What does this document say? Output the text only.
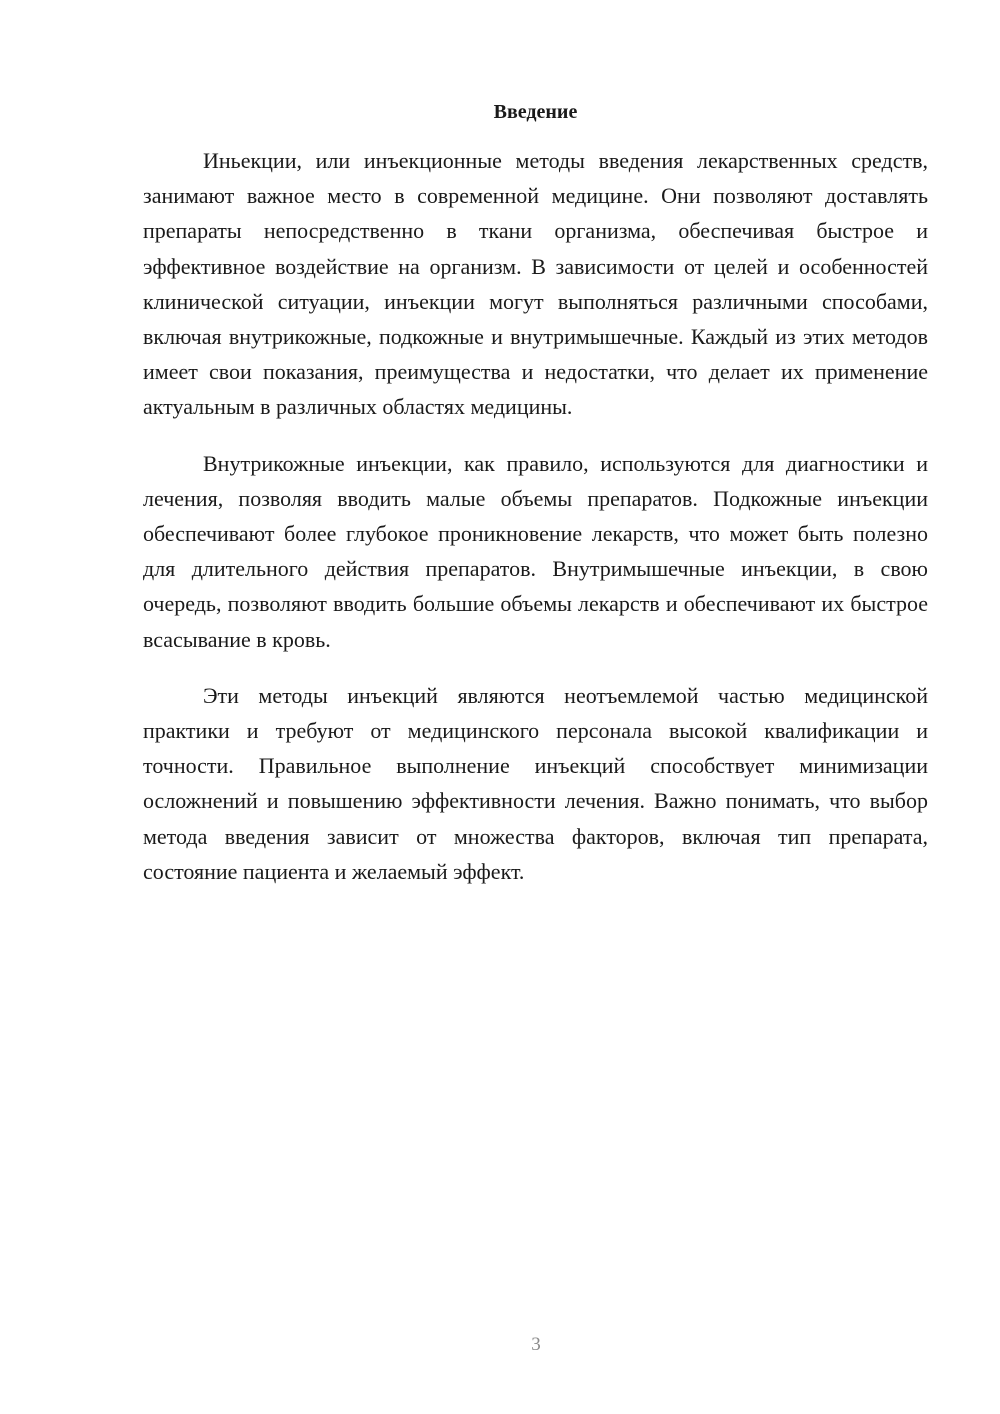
Введение

Иньекции, или инъекционные методы введения лекарственных средств, занимают важное место в современной медицине. Они позволяют доставлять препараты непосредственно в ткани организма, обеспечивая быстрое и эффективное воздействие на организм. В зависимости от целей и особенностей клинической ситуации, инъекции могут выполняться различными способами, включая внутрикожные, подкожные и внутримышечные. Каждый из этих методов имеет свои показания, преимущества и недостатки, что делает их применение актуальным в различных областях медицины.

Внутрикожные инъекции, как правило, используются для диагностики и лечения, позволяя вводить малые объемы препаратов. Подкожные инъекции обеспечивают более глубокое проникновение лекарств, что может быть полезно для длительного действия препаратов. Внутримышечные инъекции, в свою очередь, позволяют вводить большие объемы лекарств и обеспечивают их быстрое всасывание в кровь.

Эти методы инъекций являются неотъемлемой частью медицинской практики и требуют от медицинского персонала высокой квалификации и точности. Правильное выполнение инъекций способствует минимизации осложнений и повышению эффективности лечения. Важно понимать, что выбор метода введения зависит от множества факторов, включая тип препарата, состояние пациента и желаемый эффект.

3
